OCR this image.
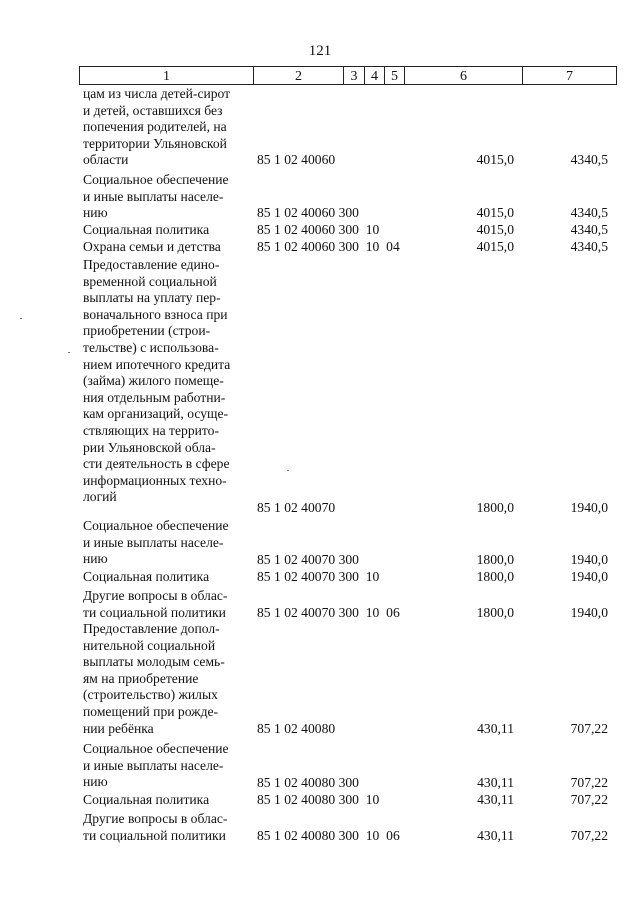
121
1	2	3 4 5	6	7
цам из числа детей-сирот
и детей, оставшихся без
попечения родителей, на
территории Ульяновской
области	85 1 02 40060	4015,0	4340,5
Социальное обеспечение
и иные выплаты населе-
нию	85 1 02 40060 300	4015,0	4340,5
Социальная политика	85 1 02 40060 300  10	4015,0	4340,5
Охрана семьи и детства	85 1 02 40060 300  10  04	4015,0	4340,5
Предоставление едино-
временной социальной
выплаты на уплату пер-
воначального взноса при
приобретении (строи-
тельстве) с использова-
нием ипотечного кредита
(займа) жилого помеще-
ния отдельным работни-
кам организаций, осуще-
ствляющих на террито-
рии Ульяновской обла-
сти деятельность в сфере
информационных техно-
логий
85 1 02 40070	1800,0	1940,0
Социальное обеспечение
и иные выплаты населе-
нию	85 1 02 40070 300	1800,0	1940,0
Социальная политика	85 1 02 40070 300  10	1800,0	1940,0
Другие вопросы в облас-
ти социальной политики	85 1 02 40070 300  10  06	1800,0	1940,0
Предоставление допол-
нительной социальной
выплаты молодым семь-
ям на приобретение
(строительство) жилых
помещений при рожде-
нии ребёнка	85 1 02 40080	430,11	707,22
Социальное обеспечение
и иные выплаты населе-
нию	85 1 02 40080 300	430,11	707,22
Социальная политика	85 1 02 40080 300  10	430,11	707,22
Другие вопросы в облас-
ти социальной политики	85 1 02 40080 300  10  06	430,11	707,22
